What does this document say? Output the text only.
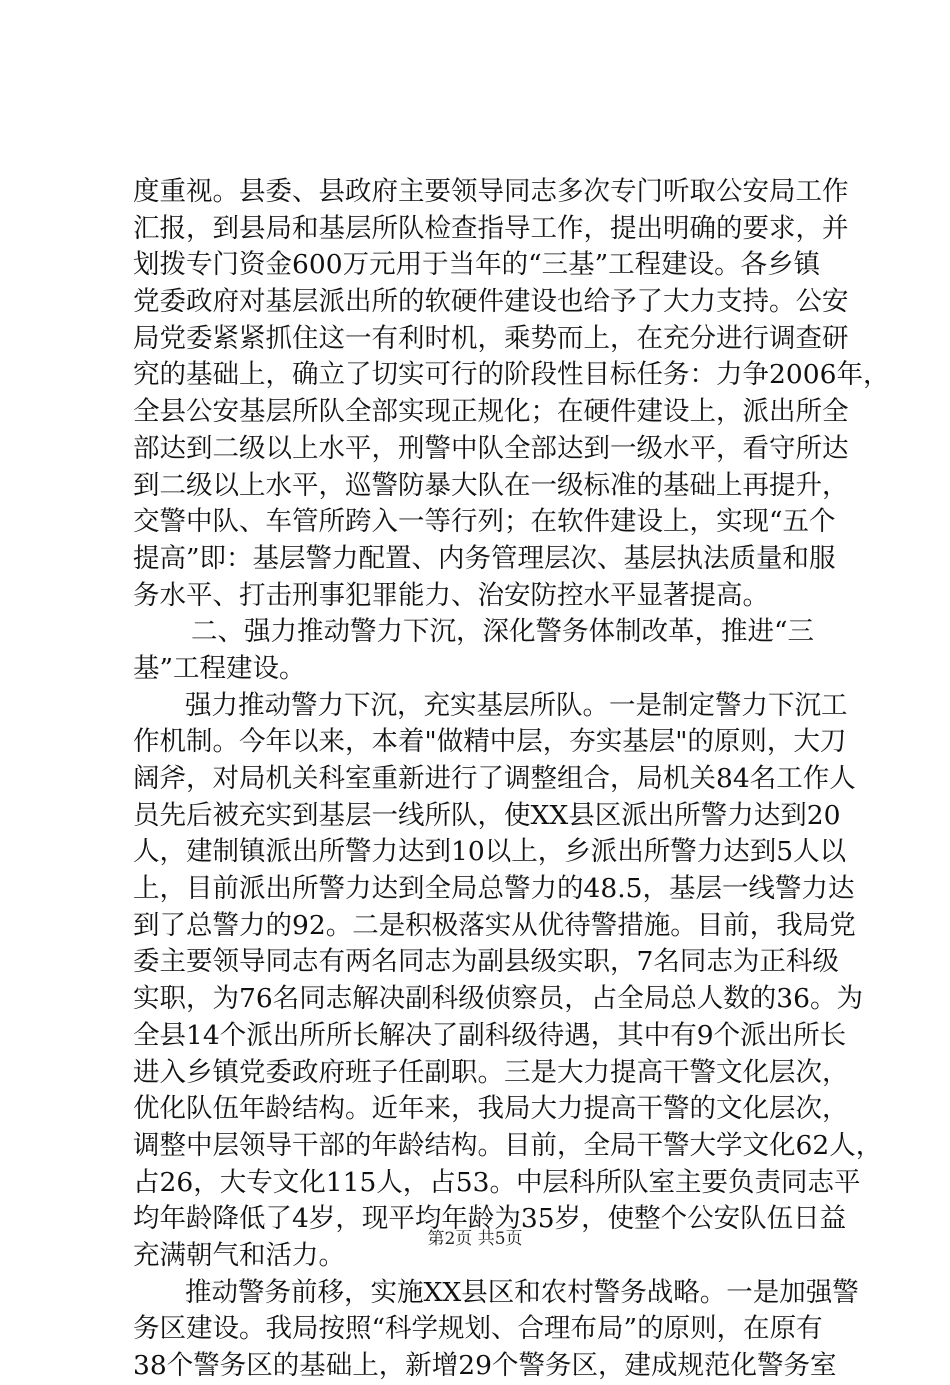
度重视。县委、县政府主要领导同志多次专门听取公安局工作
汇报，到县局和基层所队检查指导工作，提出明确的要求，并
划拨专门资金600万元用于当年的“三基”工程建设。各乡镇
党委政府对基层派出所的软硬件建设也给予了大力支持。公安
局党委紧紧抓住这一有利时机，乘势而上，在充分进行调查研
究的基础上，确立了切实可行的阶段性目标任务：力争2006年，
全县公安基层所队全部实现正规化；在硬件建设上，派出所全
部达到二级以上水平，刑警中队全部达到一级水平，看守所达
到二级以上水平，巡警防暴大队在一级标准的基础上再提升，
交警中队、车管所跨入一等行列；在软件建设上，实现“五个
提高”即：基层警力配置、内务管理层次、基层执法质量和服
务水平、打击刑事犯罪能力、治安防控水平显著提高。
二、强力推动警力下沉，深化警务体制改革，推进“三
基”工程建设。
强力推动警力下沉，充实基层所队。一是制定警力下沉工
作机制。今年以来，本着"做精中层，夯实基层"的原则，大刀
阔斧，对局机关科室重新进行了调整组合，局机关84名工作人
员先后被充实到基层一线所队，使XX县区派出所警力达到20
人，建制镇派出所警力达到10以上，乡派出所警力达到5人以
上，目前派出所警力达到全局总警力的48.5，基层一线警力达
到了总警力的92。二是积极落实从优待警措施。目前，我局党
委主要领导同志有两名同志为副县级实职，7名同志为正科级
实职，为76名同志解决副科级侦察员，占全局总人数的36。为
全县14个派出所所长解决了副科级待遇，其中有9个派出所长
进入乡镇党委政府班子任副职。三是大力提高干警文化层次，
优化队伍年龄结构。近年来，我局大力提高干警的文化层次，
调整中层领导干部的年龄结构。目前，全局干警大学文化62人，
占26，大专文化115人，占53。中层科所队室主要负责同志平
均年龄降低了4岁，现平均年龄为35岁，使整个公安队伍日益
充满朝气和活力。
推动警务前移，实施XX县区和农村警务战略。一是加强警
务区建设。我局按照“科学规划、合理布局”的原则，在原有
38个警务区的基础上，新增29个警务区，建成规范化警务室
第2页 共5页
